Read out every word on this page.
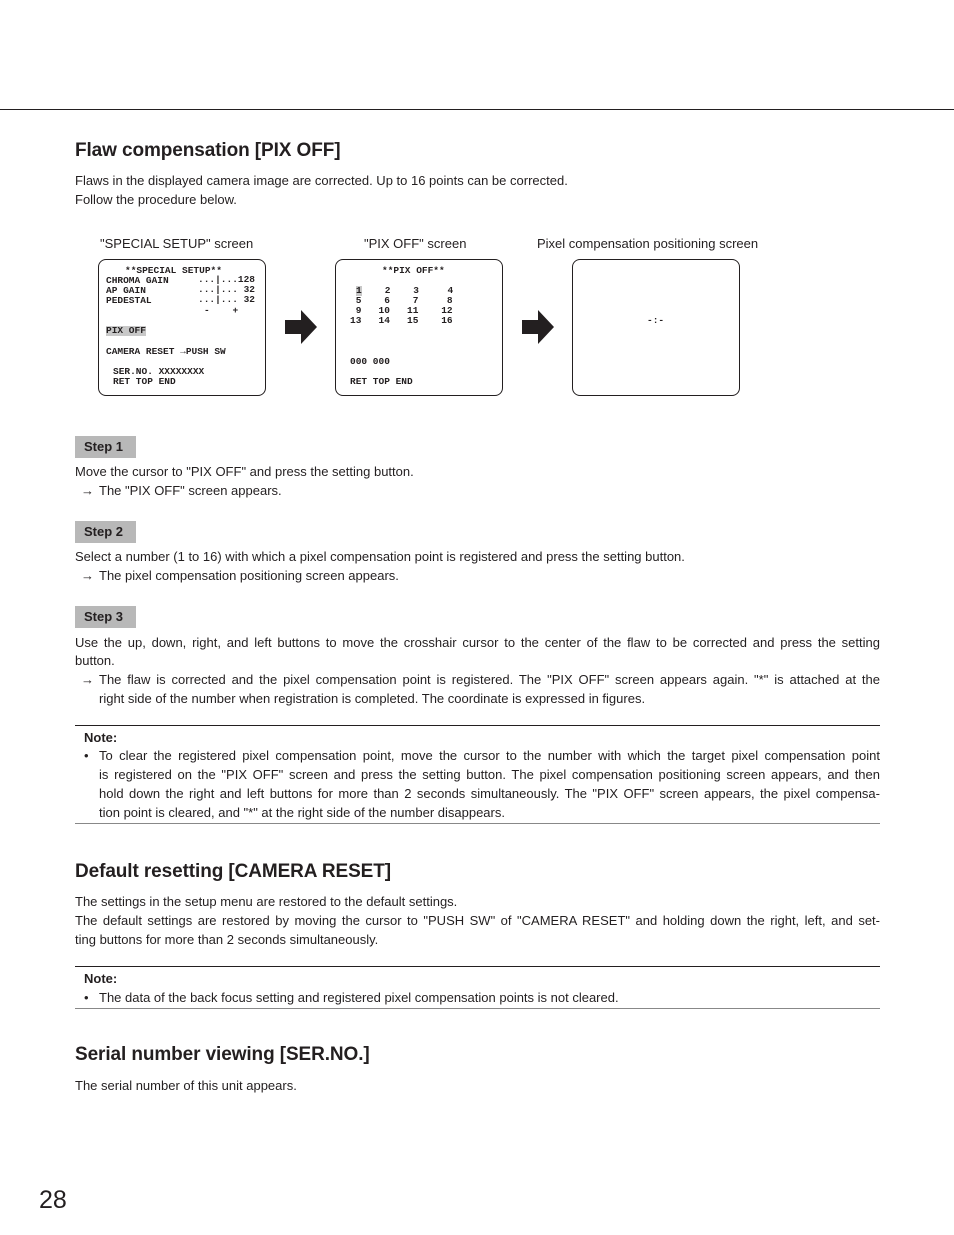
Flaw compensation [PIX OFF]

Flaws in the displayed camera image are corrected. Up to 16 points can be corrected.

Follow the procedure below.

"SPECIAL SETUP" screen	"PIX OFF" screen	Pixel compensation positioning screen
**SPECIAL SETUP**
CHROMA GAIN	...|...128
AP GAIN	...|... 32
PEDESTAL	...|... 32
-    +
PIX OFF
CAMERA RESET →PUSH SW
SER.NO. XXXXXXXX
RET TOP END
**PIX OFF**
1 2    3     4
5    6    7     8
9   10   11    12
13   14   15    16
000 000
RET TOP END
-:-
Step 1

Move the cursor to "PIX OFF" and press the setting button.

→ The "PIX OFF" screen appears.
Step 2

Select a number (1 to 16) with which a pixel compensation point is registered and press the setting button.

→ The pixel compensation positioning screen appears.
Step 3

Use the up, down, right, and left buttons to move the crosshair cursor to the center of the flaw to be corrected and press the setting

button.

→ The flaw is corrected and the pixel compensation point is registered. The "PIX OFF" screen appears again. "*" is attached at the

right side of the number when registration is completed. The coordinate is expressed in figures.

Note:

• To clear the registered pixel compensation point, move the cursor to the number with which the target pixel compensation point

is registered on the "PIX OFF" screen and press the setting button. The pixel compensation positioning screen appears, and then

hold down the right and left buttons for more than 2 seconds simultaneously. The "PIX OFF" screen appears, the pixel compensa-

tion point is cleared, and "*" at the right side of the number disappears.

Default resetting [CAMERA RESET]

The settings in the setup menu are restored to the default settings.

The default settings are restored by moving the cursor to "PUSH SW" of "CAMERA RESET" and holding down the right, left, and set-

ting buttons for more than 2 seconds simultaneously.

Note:

• The data of the back focus setting and registered pixel compensation points is not cleared.

Serial number viewing [SER.NO.]

The serial number of this unit appears.

28
